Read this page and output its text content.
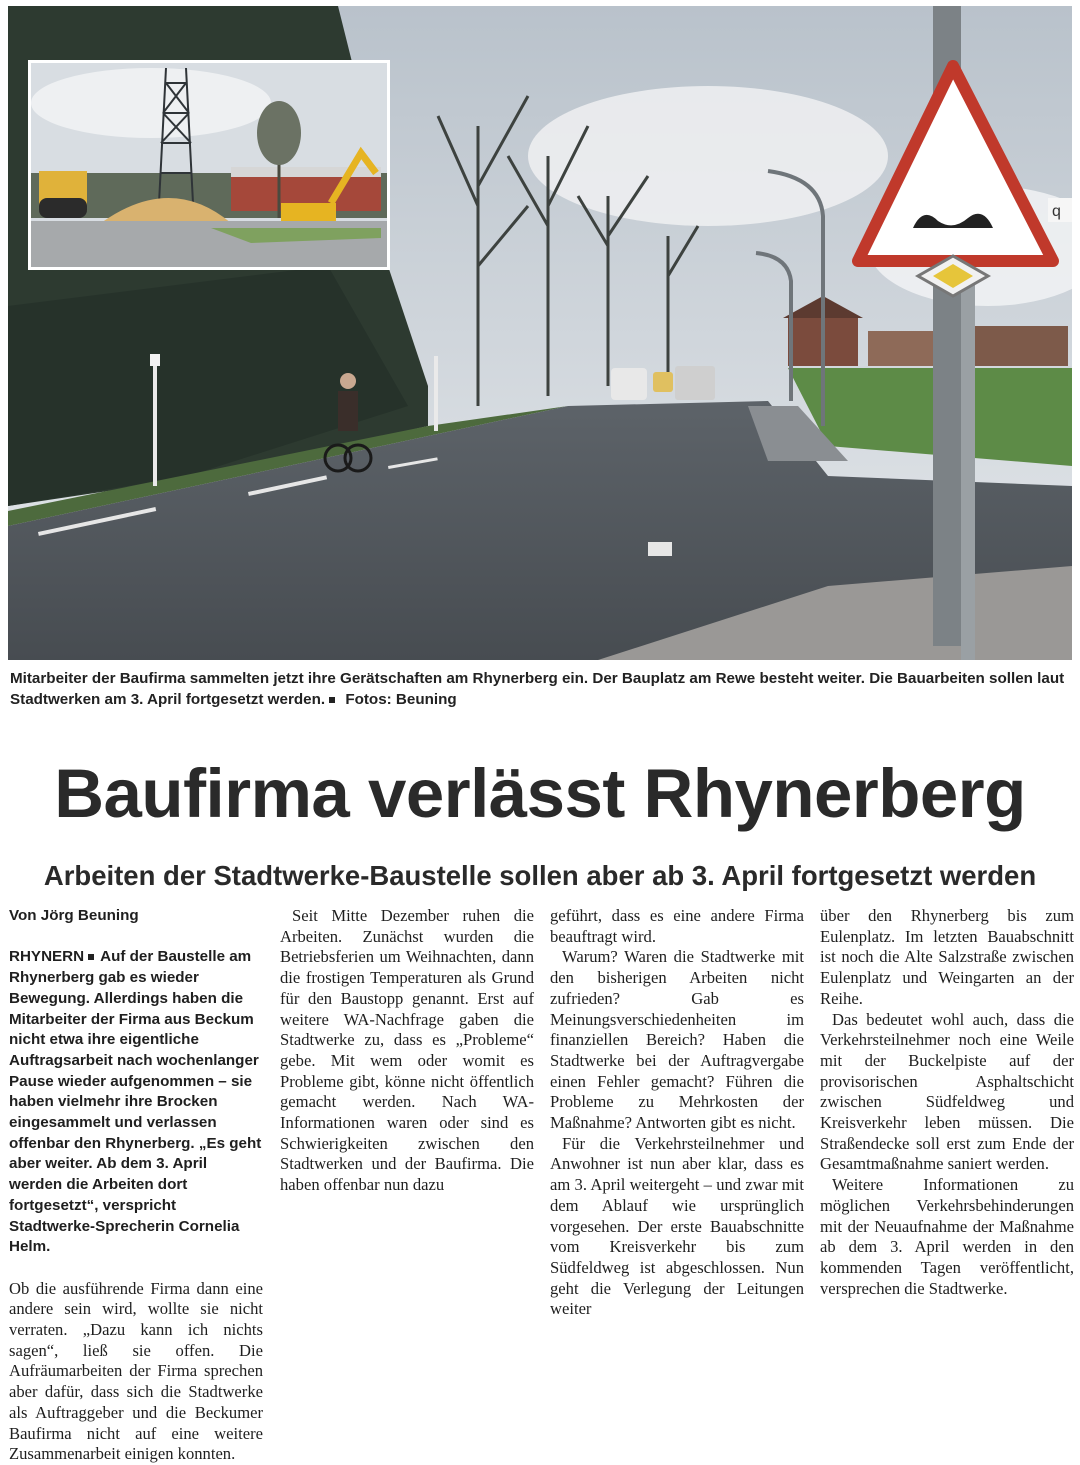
q
Mitarbeiter der Baufirma sammelten jetzt ihre Gerätschaften am Rhynerberg ein. Der Bauplatz am Rewe besteht weiter. Die Bauarbeiten sollen laut Stadtwerken am 3. April fortgesetzt werden. Fotos: Beuning
Baufirma verlässt Rhynerberg
Arbeiten der Stadtwerke-Baustelle sollen aber ab 3. April fortgesetzt werden

Von Jörg Beuning

RHYNERN Auf der Baustelle am Rhynerberg gab es wieder Bewegung. Allerdings haben die Mitarbeiter der Firma aus Beckum nicht etwa ihre eigentliche Auftragsarbeit nach wochenlanger Pause wieder aufgenommen – sie haben vielmehr ihre Brocken eingesammelt und verlassen offenbar den Rhynerberg. „Es geht aber weiter. Ab dem 3. April werden die Arbeiten dort fortgesetzt“, verspricht Stadtwerke-Sprecherin Cornelia Helm.

Ob die ausführende Firma dann eine andere sein wird, wollte sie nicht verraten. „Dazu kann ich nichts sagen“, ließ sie offen. Die Aufräumarbeiten der Firma sprechen aber dafür, dass sich die Stadtwerke als Auftraggeber und die Beckumer Baufirma nicht auf eine weitere Zusammenarbeit einigen konnten.

Seit Mitte Dezember ruhen die Arbeiten. Zunächst wurden die Betriebsferien um Weihnachten, dann die frostigen Temperaturen als Grund für den Baustopp genannt. Erst auf weitere WA-Nachfrage gaben die Stadtwerke zu, dass es „Probleme“ gebe. Mit wem oder womit es Probleme gibt, könne nicht öffentlich gemacht werden. Nach WA-Informationen waren oder sind es Schwierigkeiten zwischen den Stadtwerken und der Baufirma. Die haben offenbar nun dazu

geführt, dass es eine andere Firma beauftragt wird.

Warum? Waren die Stadtwerke mit den bisherigen Arbeiten nicht zufrieden? Gab es Meinungsverschiedenheiten im finanziellen Bereich? Haben die Stadtwerke bei der Auftragvergabe einen Fehler gemacht? Führen die Probleme zu Mehrkosten der Maßnahme? Antworten gibt es nicht.

Für die Verkehrsteilnehmer und Anwohner ist nun aber klar, dass es am 3. April weitergeht – und zwar mit dem Ablauf wie ursprünglich vorgesehen. Der erste Bauabschnitte vom Kreisverkehr bis zum Südfeldweg ist abgeschlossen. Nun geht die Verlegung der Leitungen weiter

über den Rhynerberg bis zum Eulenplatz. Im letzten Bauabschnitt ist noch die Alte Salzstraße zwischen Eulenplatz und Weingarten an der Reihe.

Das bedeutet wohl auch, dass die Verkehrsteilnehmer noch eine Weile mit der Buckelpiste auf der provisorischen Asphaltschicht zwischen Südfeldweg und Kreisverkehr leben müssen. Die Straßendecke soll erst zum Ende der Gesamtmaßnahme saniert werden.

Weitere Informationen zu möglichen Verkehrsbehinderungen mit der Neuaufnahme der Maßnahme ab dem 3. April werden in den kommenden Tagen veröffentlicht, versprechen die Stadtwerke.
